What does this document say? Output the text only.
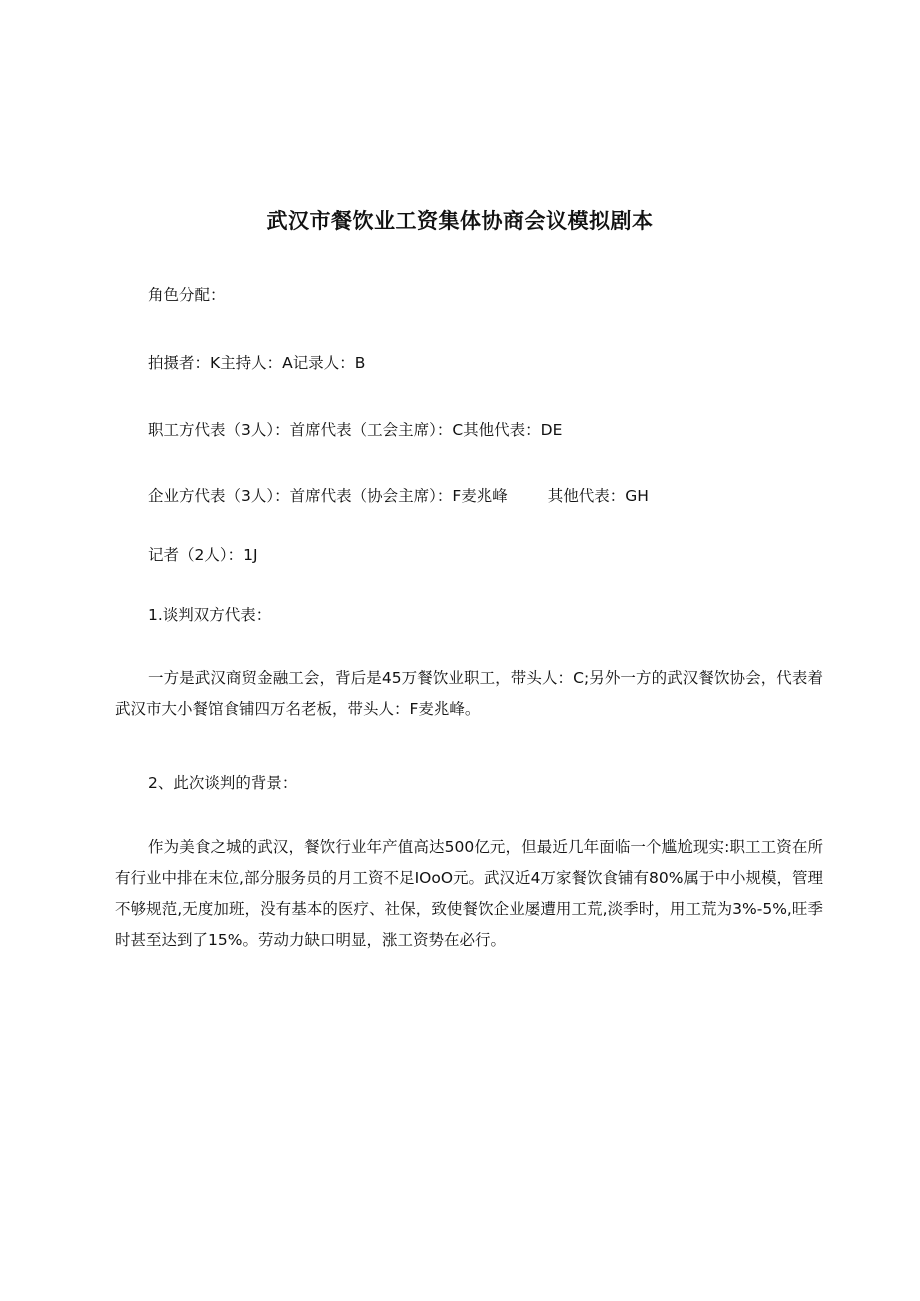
武汉市餐饮业工资集体协商会议模拟剧本
角色分配：
拍摄者：K主持人：A记录人：B
职工方代表（3人）：首席代表（工会主席）：C其他代表：DE
企业方代表（3人）：首席代表（协会主席）：F麦兆峰	其他代表：GH
记者（2人）：1J
1.谈判双方代表：
一方是武汉商贸金融工会，背后是45万餐饮业职工，带头人：C;另外一方的武汉餐饮协会，代表着武汉市大小餐馆食铺四万名老板，带头人：F麦兆峰。
2、此次谈判的背景：
作为美食之城的武汉，餐饮行业年产值高达500亿元，但最近几年面临一个尴尬现实:职工工资在所有行业中排在末位,部分服务员的月工资不足IOoO元。武汉近4万家餐饮食铺有80%属于中小规模，管理不够规范,无度加班，没有基本的医疗、社保，致使餐饮企业屡遭用工荒,淡季时，用工荒为3%-5%,旺季时甚至达到了15%。劳动力缺口明显，涨工资势在必行。
